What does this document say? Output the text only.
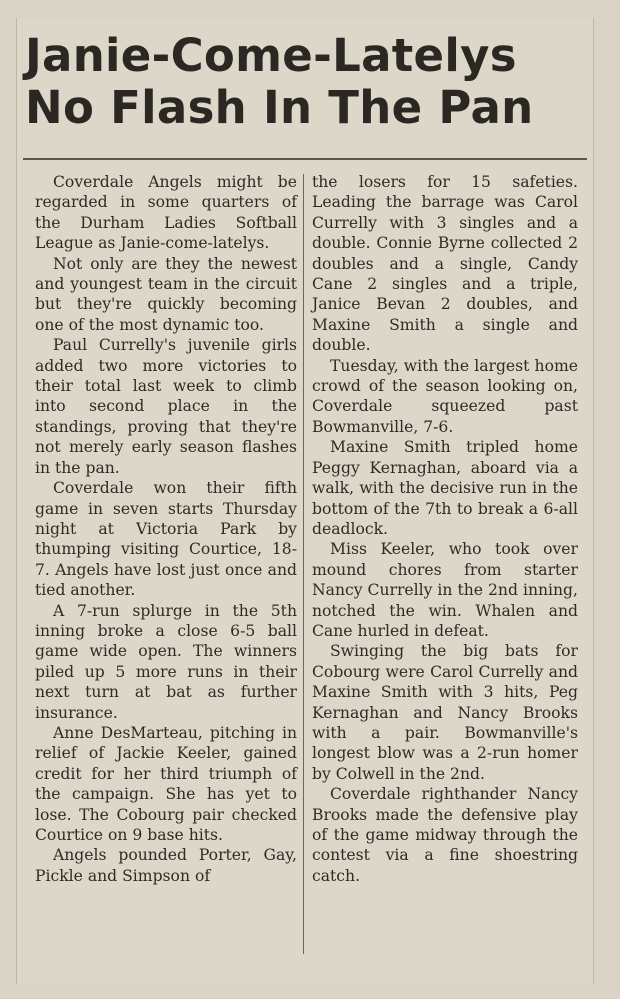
Janie-Come-Latelys
No Flash In The Pan

Coverdale Angels might be regarded in some quarters of the Durham Ladies Softball League as Janie-come-latelys.

Not only are they the newest and youngest team in the circuit but they're quickly becoming one of the most dynamic too.

Paul Currelly's juvenile girls added two more victories to their total last week to climb into second place in the standings, proving that they're not merely early season flashes in the pan.

Coverdale won their fifth game in seven starts Thursday night at Victoria Park by thumping visiting Courtice, 18-7. Angels have lost just once and tied another.

A 7-run splurge in the 5th inning broke a close 6-5 ball game wide open. The winners piled up 5 more runs in their next turn at bat as further insurance.

Anne DesMarteau, pitching in relief of Jackie Keeler, gained credit for her third triumph of the campaign. She has yet to lose. The Cobourg pair checked Courtice on 9 base hits.

Angels pounded Porter, Gay, Pickle and Simpson of

the losers for 15 safeties. Leading the barrage was Carol Currelly with 3 singles and a double. Connie Byrne collected 2 doubles and a single, Candy Cane 2 singles and a triple, Janice Bevan 2 doubles, and Maxine Smith a single and double.

Tuesday, with the largest home crowd of the season looking on, Coverdale squeezed past Bowmanville, 7-6.

Maxine Smith tripled home Peggy Kernaghan, aboard via a walk, with the decisive run in the bottom of the 7th to break a 6-all deadlock.

Miss Keeler, who took over mound chores from starter Nancy Currelly in the 2nd inning, notched the win. Whalen and Cane hurled in defeat.

Swinging the big bats for Cobourg were Carol Currelly and Maxine Smith with 3 hits, Peg Kernaghan and Nancy Brooks with a pair. Bowmanville's longest blow was a 2-run homer by Colwell in the 2nd.

Coverdale righthander Nancy Brooks made the defensive play of the game midway through the contest via a fine shoestring catch.
